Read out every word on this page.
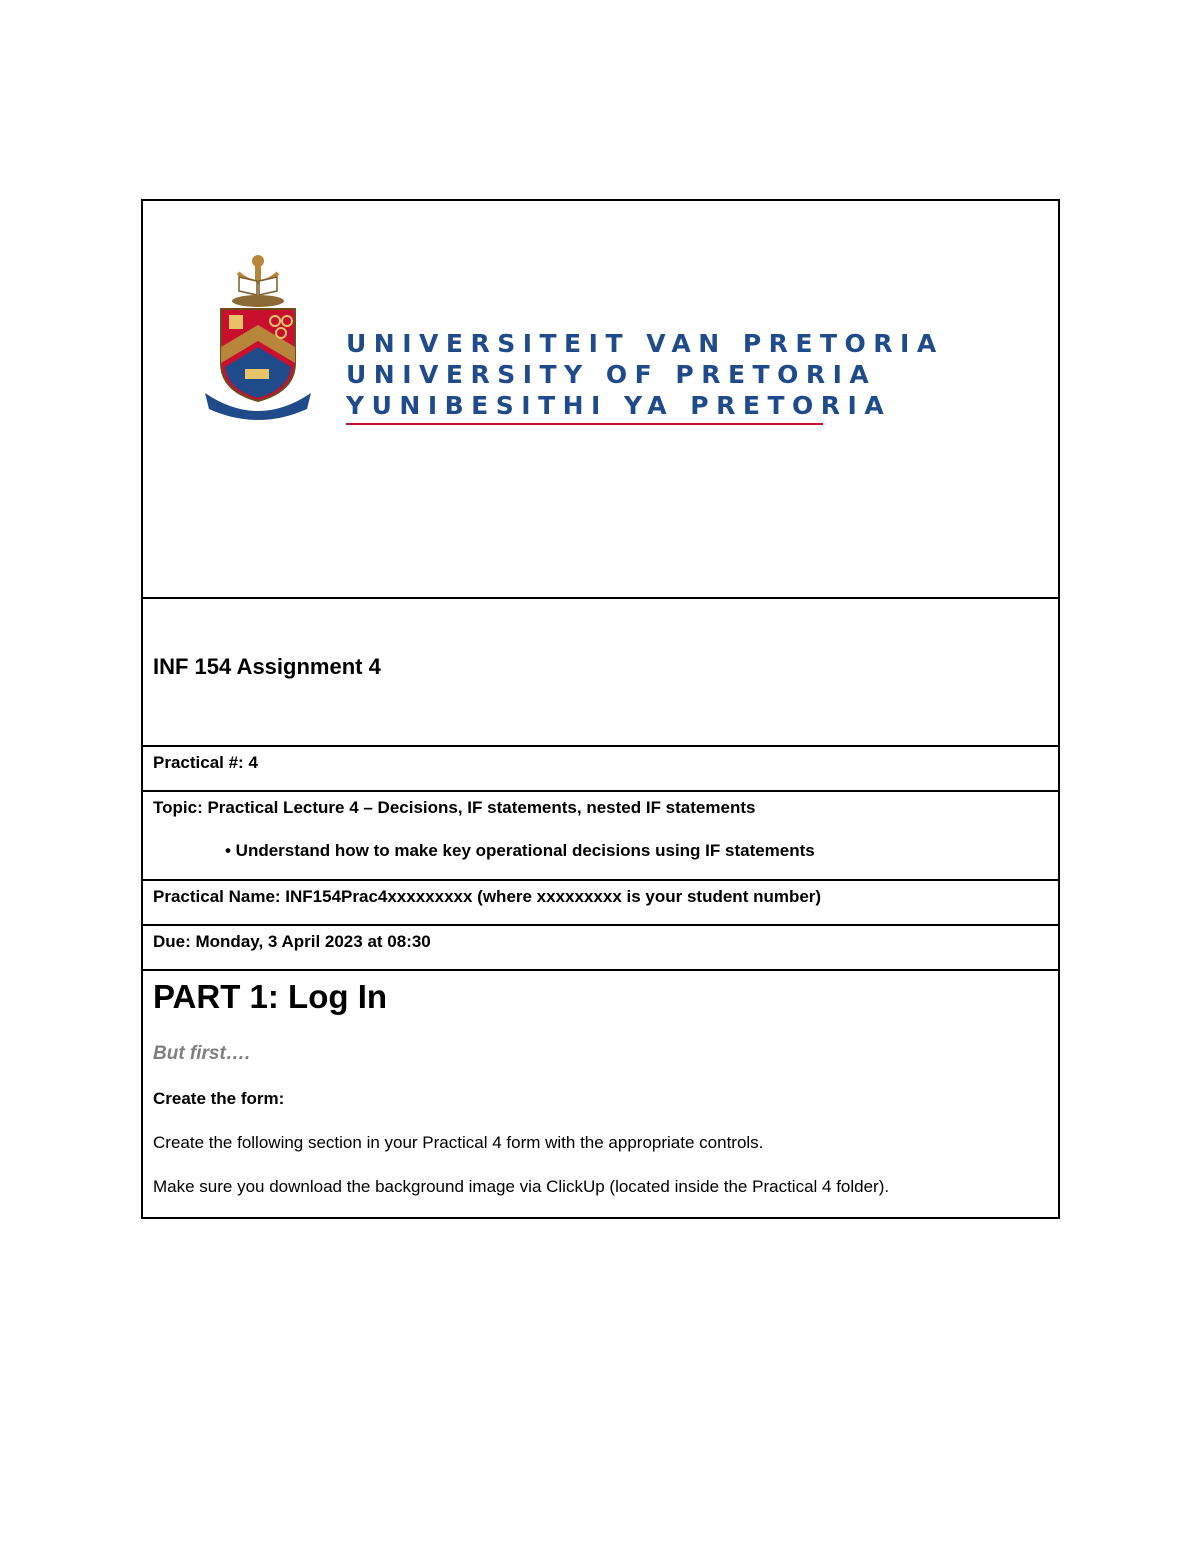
UNIVERSITEIT VAN PRETORIA
UNIVERSITY OF PRETORIA
YUNIBESITHI YA PRETORIA
INF 154 Assignment 4
Practical #: 4
Topic: Practical Lecture 4 – Decisions, IF statements, nested IF statements
• Understand how to make key operational decisions using IF statements
Practical Name: INF154Prac4xxxxxxxxx (where xxxxxxxxx is your student number)
Due: Monday, 3 April 2023 at 08:30
PART 1: Log In
But first….
Create the form:
Create the following section in your Practical 4 form with the appropriate controls.
Make sure you download the background image via ClickUp (located inside the Practical 4 folder).
